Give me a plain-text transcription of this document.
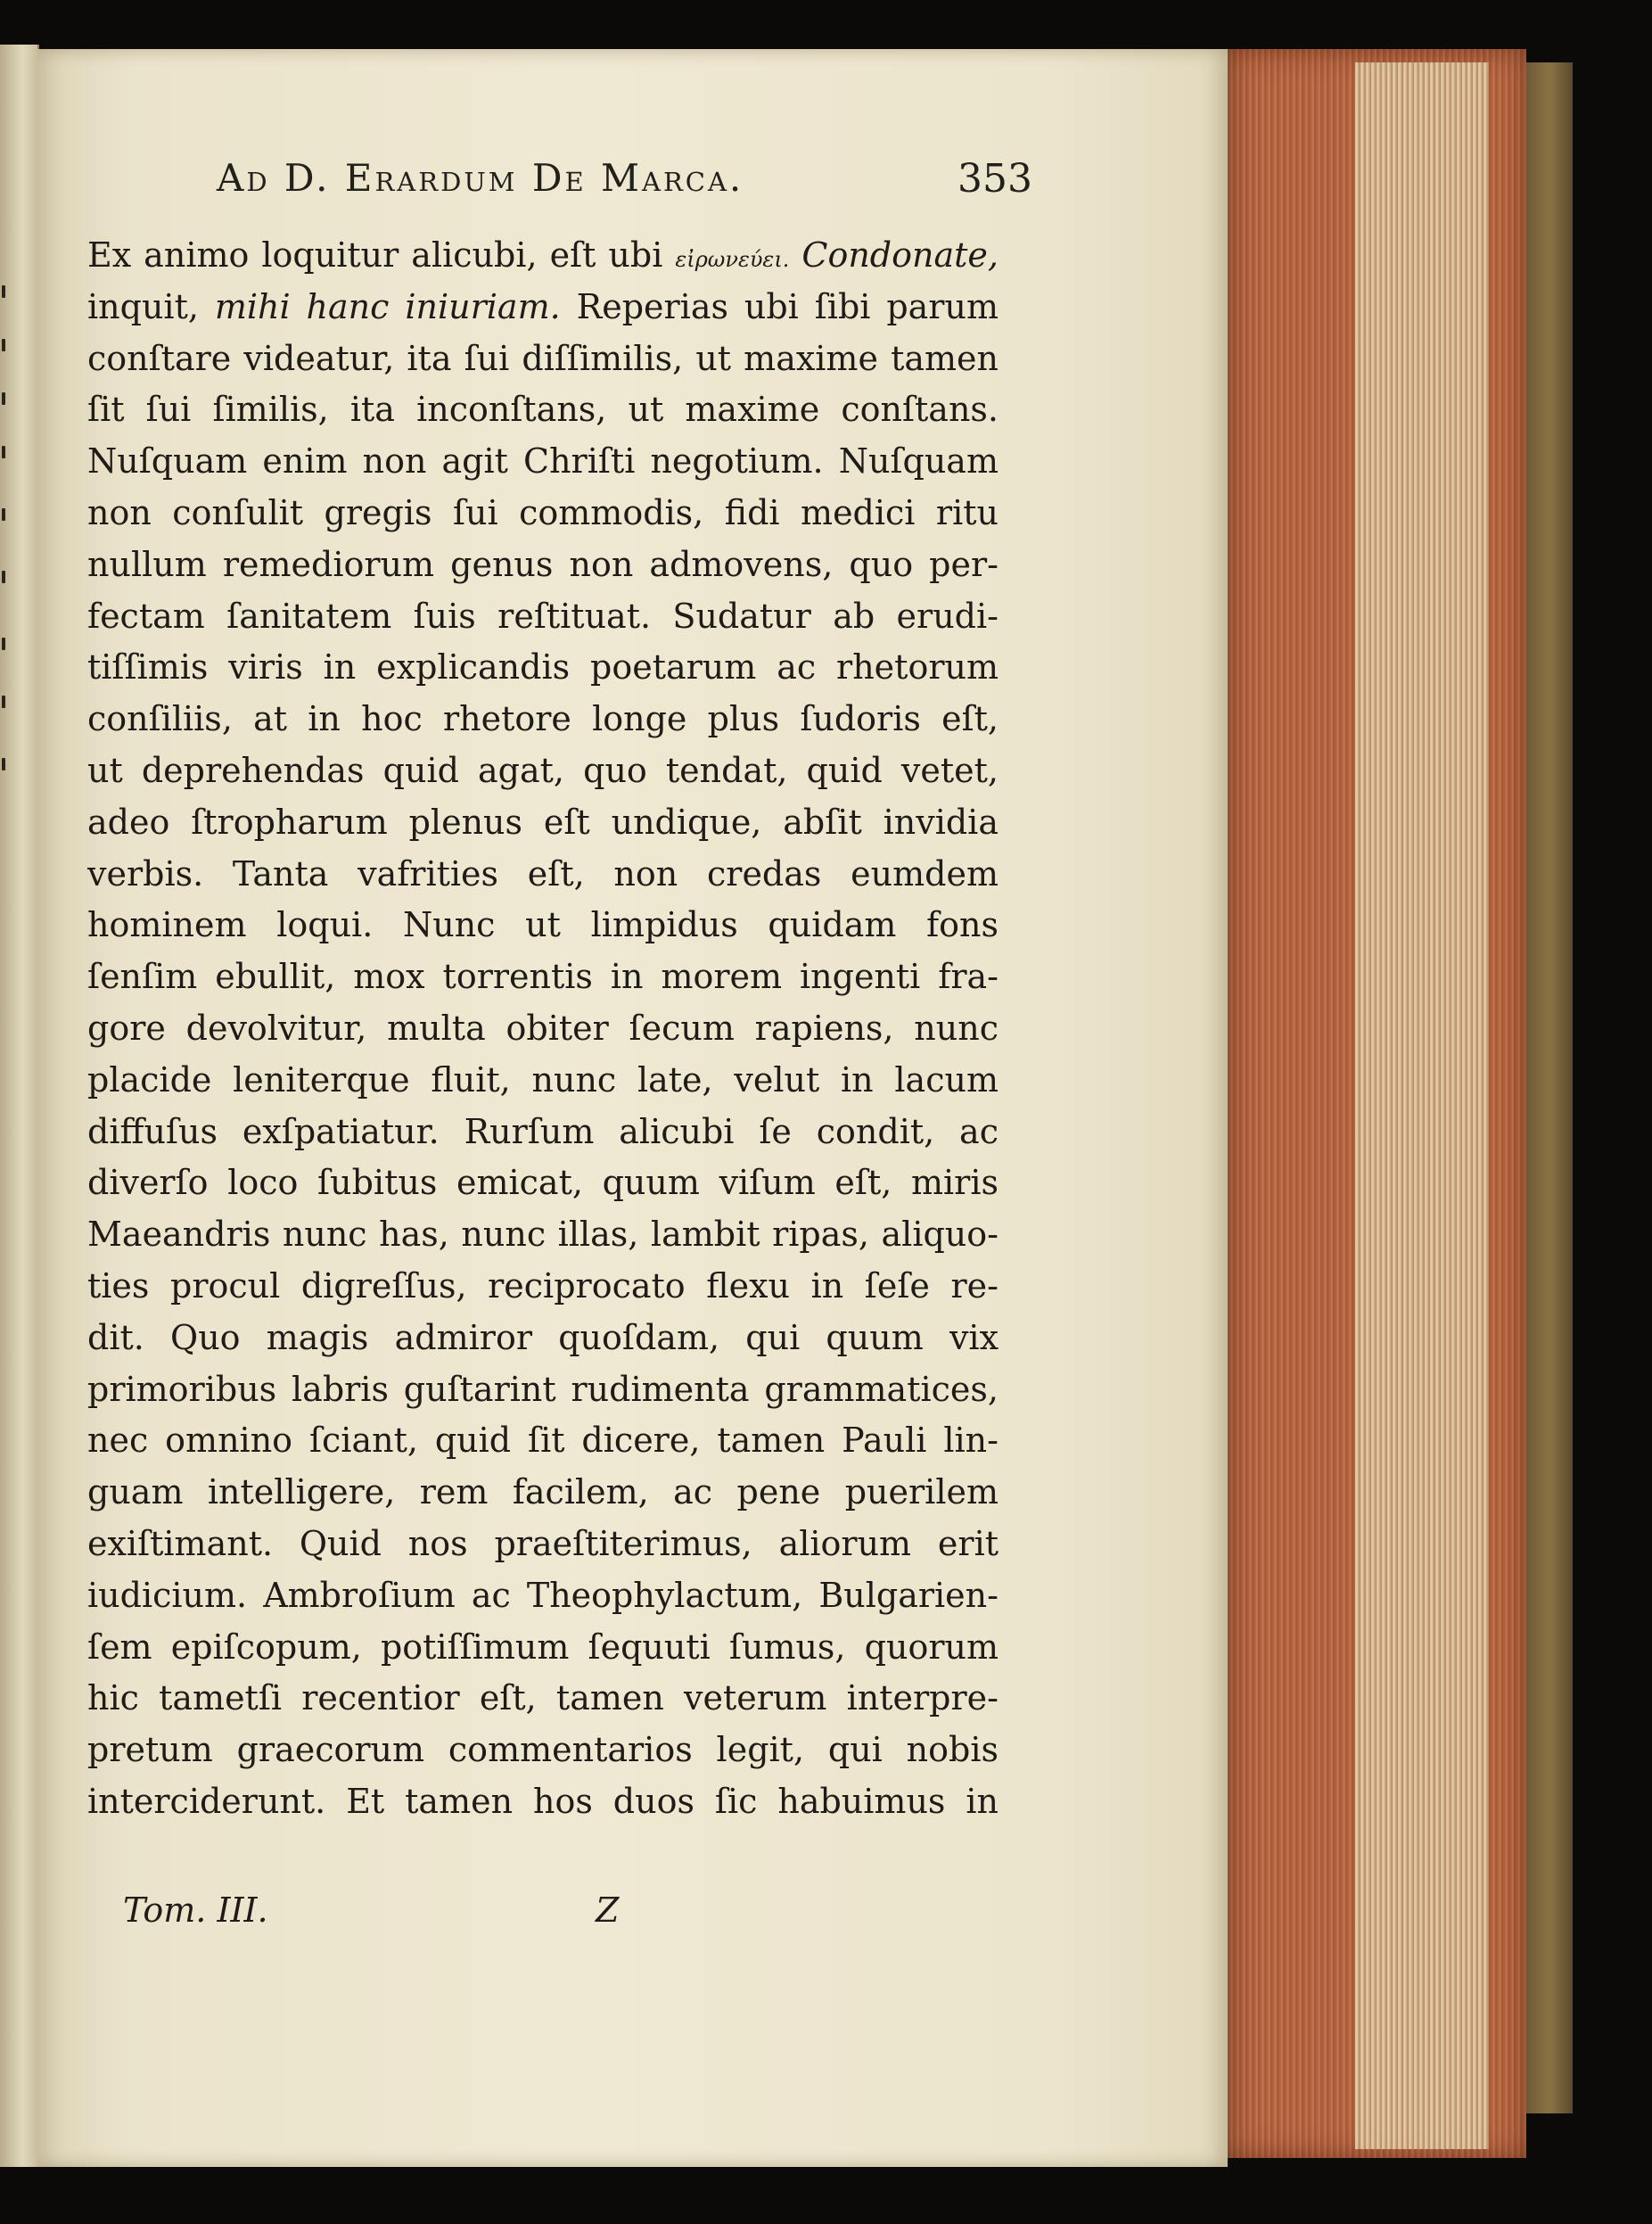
Ad D. Erardum De Marca.	353
Ex animo loquitur alicubi, eſt ubi εἰρωνεύει. Condonate,
inquit, mihi hanc iniuriam. Reperias ubi ſibi parum
conſtare videatur, ita ſui diſſimilis, ut maxime tamen
ſit ſui ſimilis, ita inconſtans, ut maxime conſtans.
Nuſquam enim non agit Chriſti negotium. Nuſquam
non conſulit gregis ſui commodis, fidi medici ritu
nullum remediorum genus non admovens, quo per-
fectam ſanitatem ſuis reſtituat. Sudatur ab erudi-
tiſſimis viris in explicandis poetarum ac rhetorum
conſiliis, at in hoc rhetore longe plus ſudoris eſt,
ut deprehendas quid agat, quo tendat, quid vetet,
adeo ſtropharum plenus eſt undique, abſit invidia
verbis. Tanta vafrities eſt, non credas eumdem
hominem loqui. Nunc ut limpidus quidam fons
ſenſim ebullit, mox torrentis in morem ingenti fra-
gore devolvitur, multa obiter ſecum rapiens, nunc
placide leniterque fluit, nunc late, velut in lacum
diffuſus exſpatiatur. Rurſum alicubi ſe condit, ac
diverſo loco ſubitus emicat, quum viſum eſt, miris
Maeandris nunc has, nunc illas, lambit ripas, aliquo-
ties procul digreſſus, reciprocato flexu in ſeſe re-
dit. Quo magis admiror quoſdam, qui quum vix
primoribus labris guſtarint rudimenta grammatices,
nec omnino ſciant, quid ſit dicere, tamen Pauli lin-
guam intelligere, rem facilem, ac pene puerilem
exiſtimant. Quid nos praeſtiterimus, aliorum erit
iudicium. Ambroſium ac Theophylactum, Bulgarien-
ſem epiſcopum, potiſſimum ſequuti ſumus, quorum
hic tametſi recentior eſt, tamen veterum interpre-
pretum graecorum commentarios legit, qui nobis
interciderunt. Et tamen hos duos ſic habuimus in
Tom. III.	Z
